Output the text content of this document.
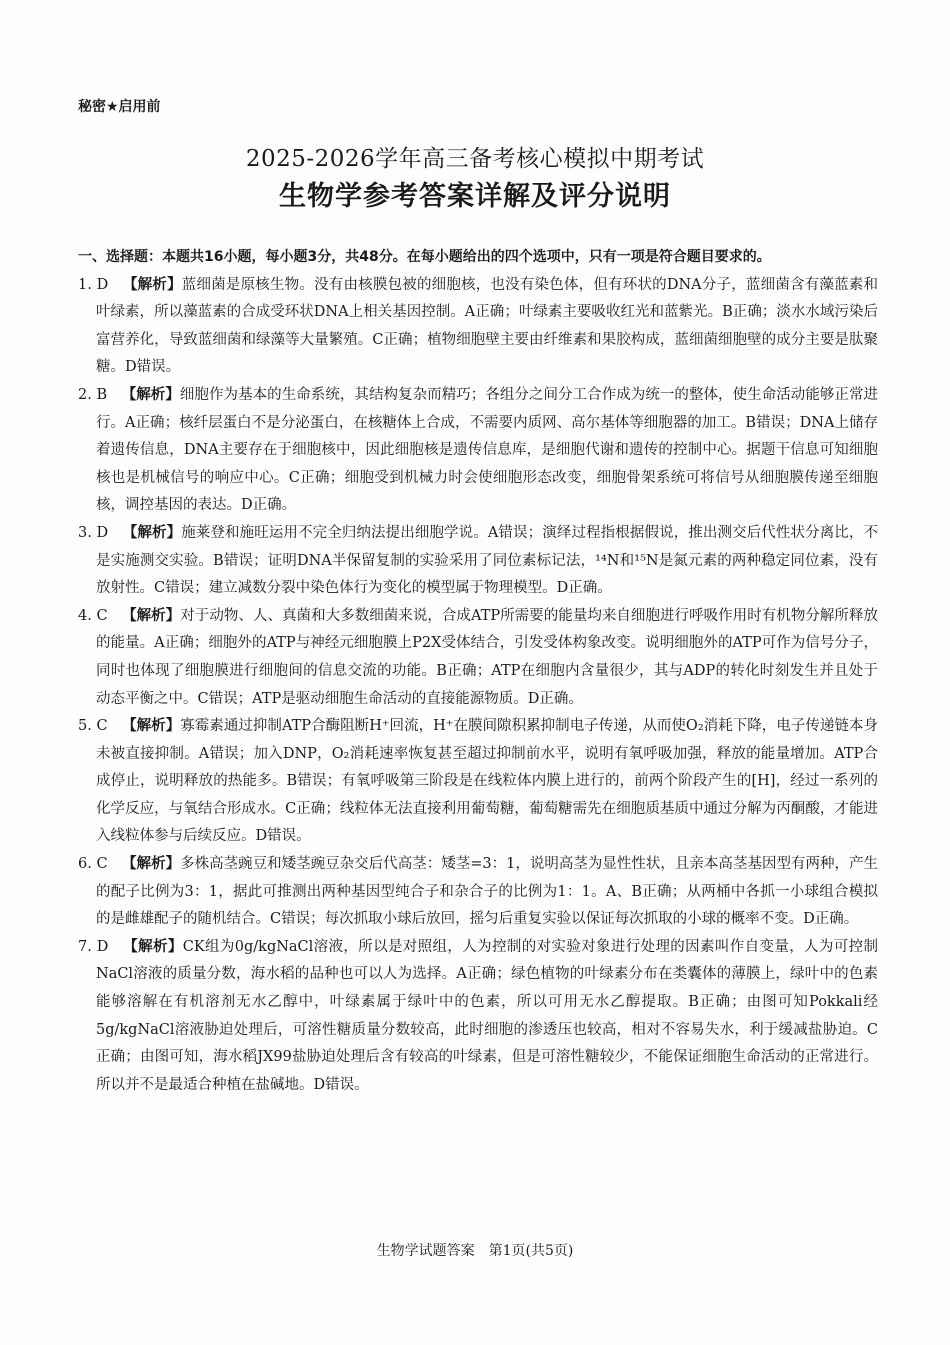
秘密★启用前
2025-2026学年高三备考核心模拟中期考试
生物学参考答案详解及评分说明
一、选择题：本题共16小题，每小题3分，共48分。在每小题给出的四个选项中，只有一项是符合题目要求的。

1. D  【解析】蓝细菌是原核生物。没有由核膜包被的细胞核，也没有染色体，但有环状的DNA分子，蓝细菌含有藻蓝素和叶绿素，所以藻蓝素的合成受环状DNA上相关基因控制。A正确；叶绿素主要吸收红光和蓝紫光。B正确；淡水水域污染后富营养化，导致蓝细菌和绿藻等大量繁殖。C正确；植物细胞壁主要由纤维素和果胶构成，蓝细菌细胞壁的成分主要是肽聚糖。D错误。

2. B  【解析】细胞作为基本的生命系统，其结构复杂而精巧；各组分之间分工合作成为统一的整体，使生命活动能够正常进行。A正确；核纤层蛋白不是分泌蛋白，在核糖体上合成，不需要内质网、高尔基体等细胞器的加工。B错误；DNA上储存着遗传信息，DNA主要存在于细胞核中，因此细胞核是遗传信息库，是细胞代谢和遗传的控制中心。据题干信息可知细胞核也是机械信号的响应中心。C正确；细胞受到机械力时会使细胞形态改变，细胞骨架系统可将信号从细胞膜传递至细胞核，调控基因的表达。D正确。

3. D  【解析】施莱登和施旺运用不完全归纳法提出细胞学说。A错误；演绎过程指根据假说，推出测交后代性状分离比，不是实施测交实验。B错误；证明DNA半保留复制的实验采用了同位素标记法，¹⁴N和¹⁵N是氮元素的两种稳定同位素，没有放射性。C错误；建立减数分裂中染色体行为变化的模型属于物理模型。D正确。

4. C  【解析】对于动物、人、真菌和大多数细菌来说，合成ATP所需要的能量均来自细胞进行呼吸作用时有机物分解所释放的能量。A正确；细胞外的ATP与神经元细胞膜上P2X受体结合，引发受体构象改变。说明细胞外的ATP可作为信号分子，同时也体现了细胞膜进行细胞间的信息交流的功能。B正确；ATP在细胞内含量很少，其与ADP的转化时刻发生并且处于动态平衡之中。C错误；ATP是驱动细胞生命活动的直接能源物质。D正确。

5. C  【解析】寡霉素通过抑制ATP合酶阻断H⁺回流，H⁺在膜间隙积累抑制电子传递，从而使O₂消耗下降，电子传递链本身未被直接抑制。A错误；加入DNP，O₂消耗速率恢复甚至超过抑制前水平，说明有氧呼吸加强，释放的能量增加。ATP合成停止，说明释放的热能多。B错误；有氧呼吸第三阶段是在线粒体内膜上进行的，前两个阶段产生的[H]，经过一系列的化学反应，与氧结合形成水。C正确；线粒体无法直接利用葡萄糖，葡萄糖需先在细胞质基质中通过分解为丙酮酸，才能进入线粒体参与后续反应。D错误。

6. C  【解析】多株高茎豌豆和矮茎豌豆杂交后代高茎：矮茎=3：1，说明高茎为显性性状，且亲本高茎基因型有两种，产生的配子比例为3：1，据此可推测出两种基因型纯合子和杂合子的比例为1：1。A、B正确；从两桶中各抓一小球组合模拟的是雌雄配子的随机结合。C错误；每次抓取小球后放回，摇匀后重复实验以保证每次抓取的小球的概率不变。D正确。

7. D  【解析】CK组为0g/kgNaCl溶液，所以是对照组，人为控制的对实验对象进行处理的因素叫作自变量，人为可控制NaCl溶液的质量分数，海水稻的品种也可以人为选择。A正确；绿色植物的叶绿素分布在类囊体的薄膜上，绿叶中的色素能够溶解在有机溶剂无水乙醇中，叶绿素属于绿叶中的色素，所以可用无水乙醇提取。B正确；由图可知Pokkali经5g/kgNaCl溶液胁迫处理后，可溶性糖质量分数较高，此时细胞的渗透压也较高，相对不容易失水，利于缓减盐胁迫。C正确；由图可知，海水稻JX99盐胁迫处理后含有较高的叶绿素，但是可溶性糖较少，不能保证细胞生命活动的正常进行。所以并不是最适合种植在盐碱地。D错误。

生物学试题答案　第1页(共5页)
